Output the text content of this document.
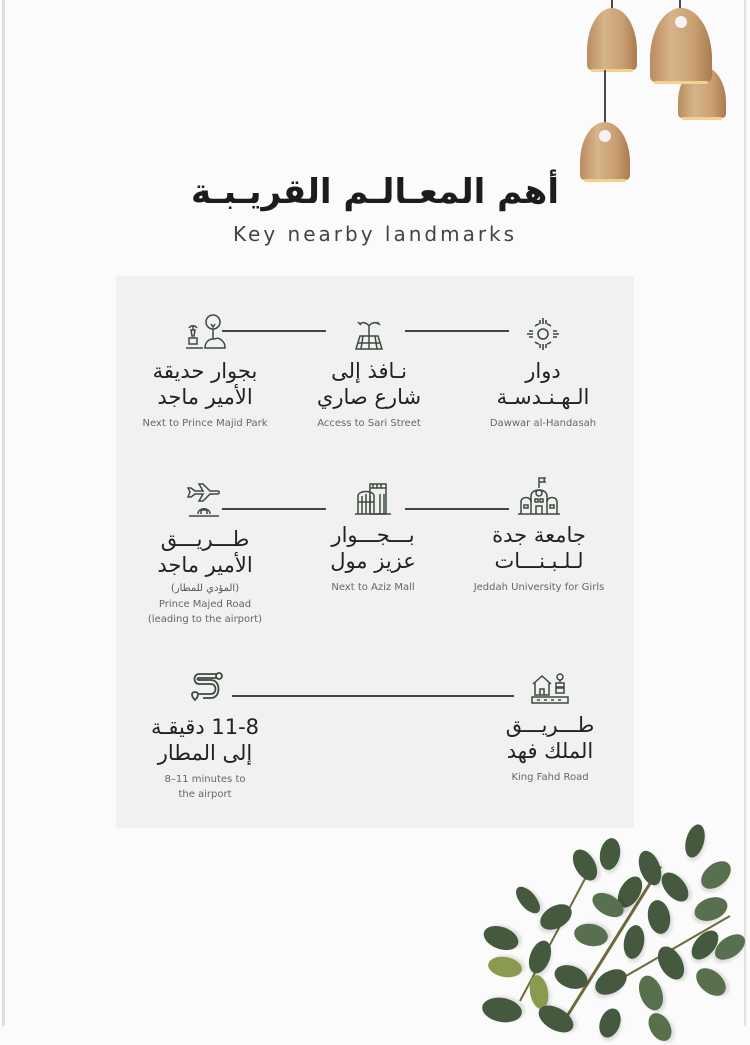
أهم المعـالـم القريـبـة
Key nearby landmarks
دوار
الـهـنـدسـة
Dawwar al-Handasah
نـافذ إلى
شارع صاري
Access to Sari Street
بجوار حديقة
الأمير ماجد
Next to Prince Majid Park
جامعة جدة
لـلـبـنـــات
Jeddah University for Girls
بـــجـــوار
عزيز مول
Next to Aziz Mall
طـــريـــق
الأمير ماجد
(المؤدي للمطار)
Prince Majed Road
(leading to the airport)
طـــريـــق
الملك فهد
King Fahd Road
11-8 دقيقـة
إلى المطار
8–11 minutes to
the airport
